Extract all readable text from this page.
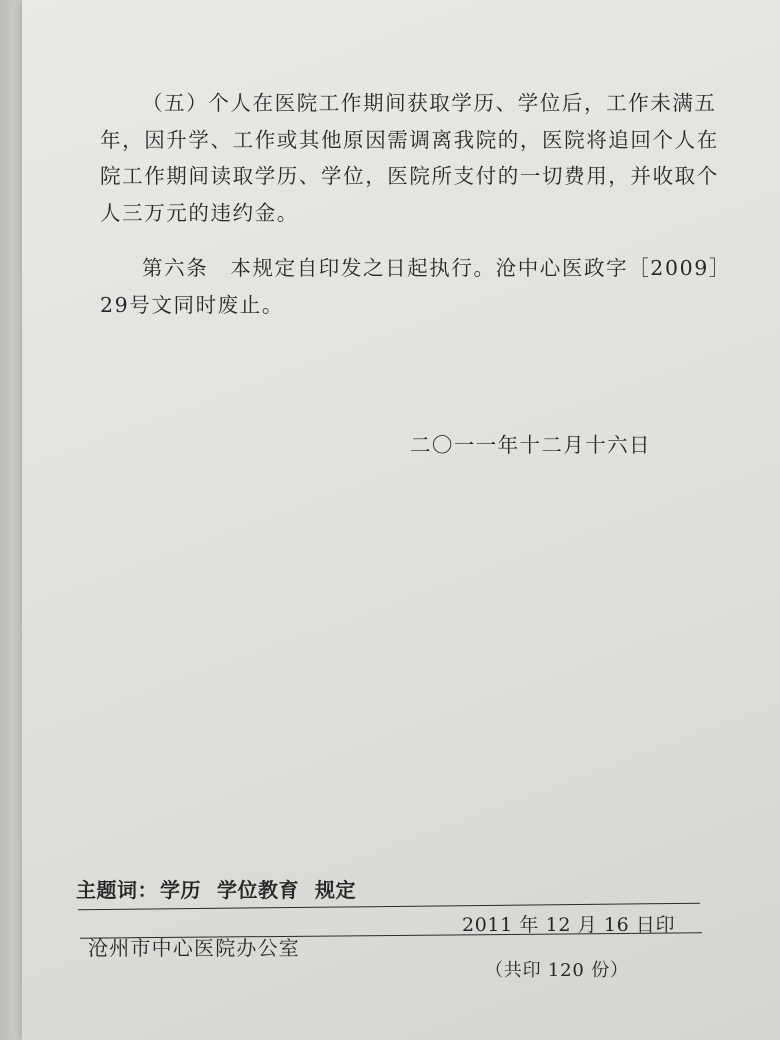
（五）个人在医院工作期间获取学历、学位后，工作未满五年，因升学、工作或其他原因需调离我院的，医院将追回个人在院工作期间读取学历、学位，医院所支付的一切费用，并收取个人三万元的违约金。

第六条　本规定自印发之日起执行。沧中心医政字［2009］29号文同时废止。

二〇一一年十二月十六日
主题词： 学历 学位教育 规定
2011 年 12 月 16 日印
沧州市中心医院办公室
（共印 120 份）
